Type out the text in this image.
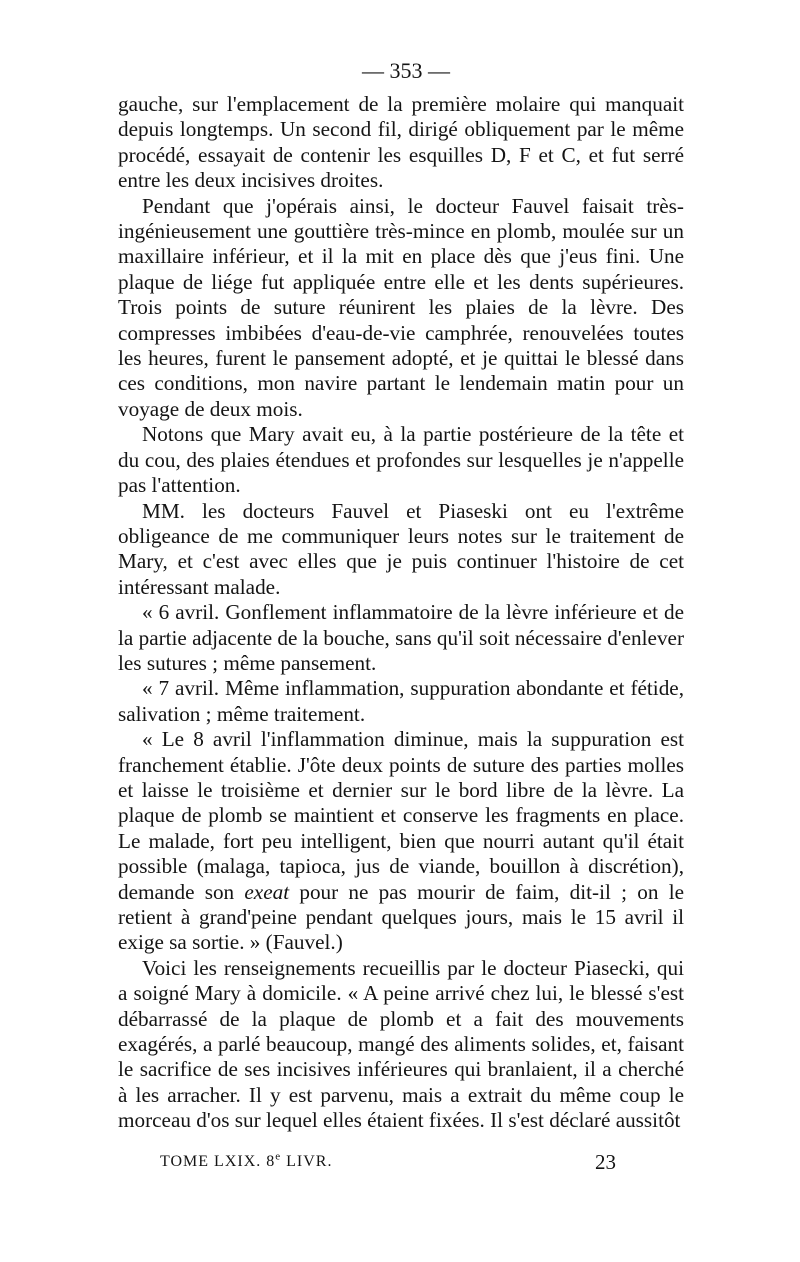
— 353 —

gauche, sur l'emplacement de la première molaire qui manquait depuis longtemps. Un second fil, dirigé obliquement par le même procédé, essayait de contenir les esquilles D, F et C, et fut serré entre les deux incisives droites.

Pendant que j'opérais ainsi, le docteur Fauvel faisait très-ingénieusement une gouttière très-mince en plomb, moulée sur un maxillaire inférieur, et il la mit en place dès que j'eus fini. Une plaque de liége fut appliquée entre elle et les dents supérieures. Trois points de suture réunirent les plaies de la lèvre. Des compresses imbibées d'eau-de-vie camphrée, renouvelées toutes les heures, furent le pansement adopté, et je quittai le blessé dans ces conditions, mon navire partant le lendemain matin pour un voyage de deux mois.

Notons que Mary avait eu, à la partie postérieure de la tête et du cou, des plaies étendues et profondes sur lesquelles je n'appelle pas l'attention.

MM. les docteurs Fauvel et Piaseski ont eu l'extrême obligeance de me communiquer leurs notes sur le traitement de Mary, et c'est avec elles que je puis continuer l'histoire de cet intéressant malade.

« 6 avril. Gonflement inflammatoire de la lèvre inférieure et de la partie adjacente de la bouche, sans qu'il soit nécessaire d'enlever les sutures ; même pansement.

« 7 avril. Même inflammation, suppuration abondante et fétide, salivation ; même traitement.

« Le 8 avril l'inflammation diminue, mais la suppuration est franchement établie. J'ôte deux points de suture des parties molles et laisse le troisième et dernier sur le bord libre de la lèvre. La plaque de plomb se maintient et conserve les fragments en place. Le malade, fort peu intelligent, bien que nourri autant qu'il était possible (malaga, tapioca, jus de viande, bouillon à discrétion), demande son exeat pour ne pas mourir de faim, dit-il ; on le retient à grand'peine pendant quelques jours, mais le 15 avril il exige sa sortie. » (Fauvel.)

Voici les renseignements recueillis par le docteur Piasecki, qui a soigné Mary à domicile. « A peine arrivé chez lui, le blessé s'est débarrassé de la plaque de plomb et a fait des mouvements exagérés, a parlé beaucoup, mangé des aliments solides, et, faisant le sacrifice de ses incisives inférieures qui branlaient, il a cherché à les arracher. Il y est parvenu, mais a extrait du même coup le morceau d'os sur lequel elles étaient fixées. Il s'est déclaré aussitôt

TOME LXIX. 8e LIVR.	23
